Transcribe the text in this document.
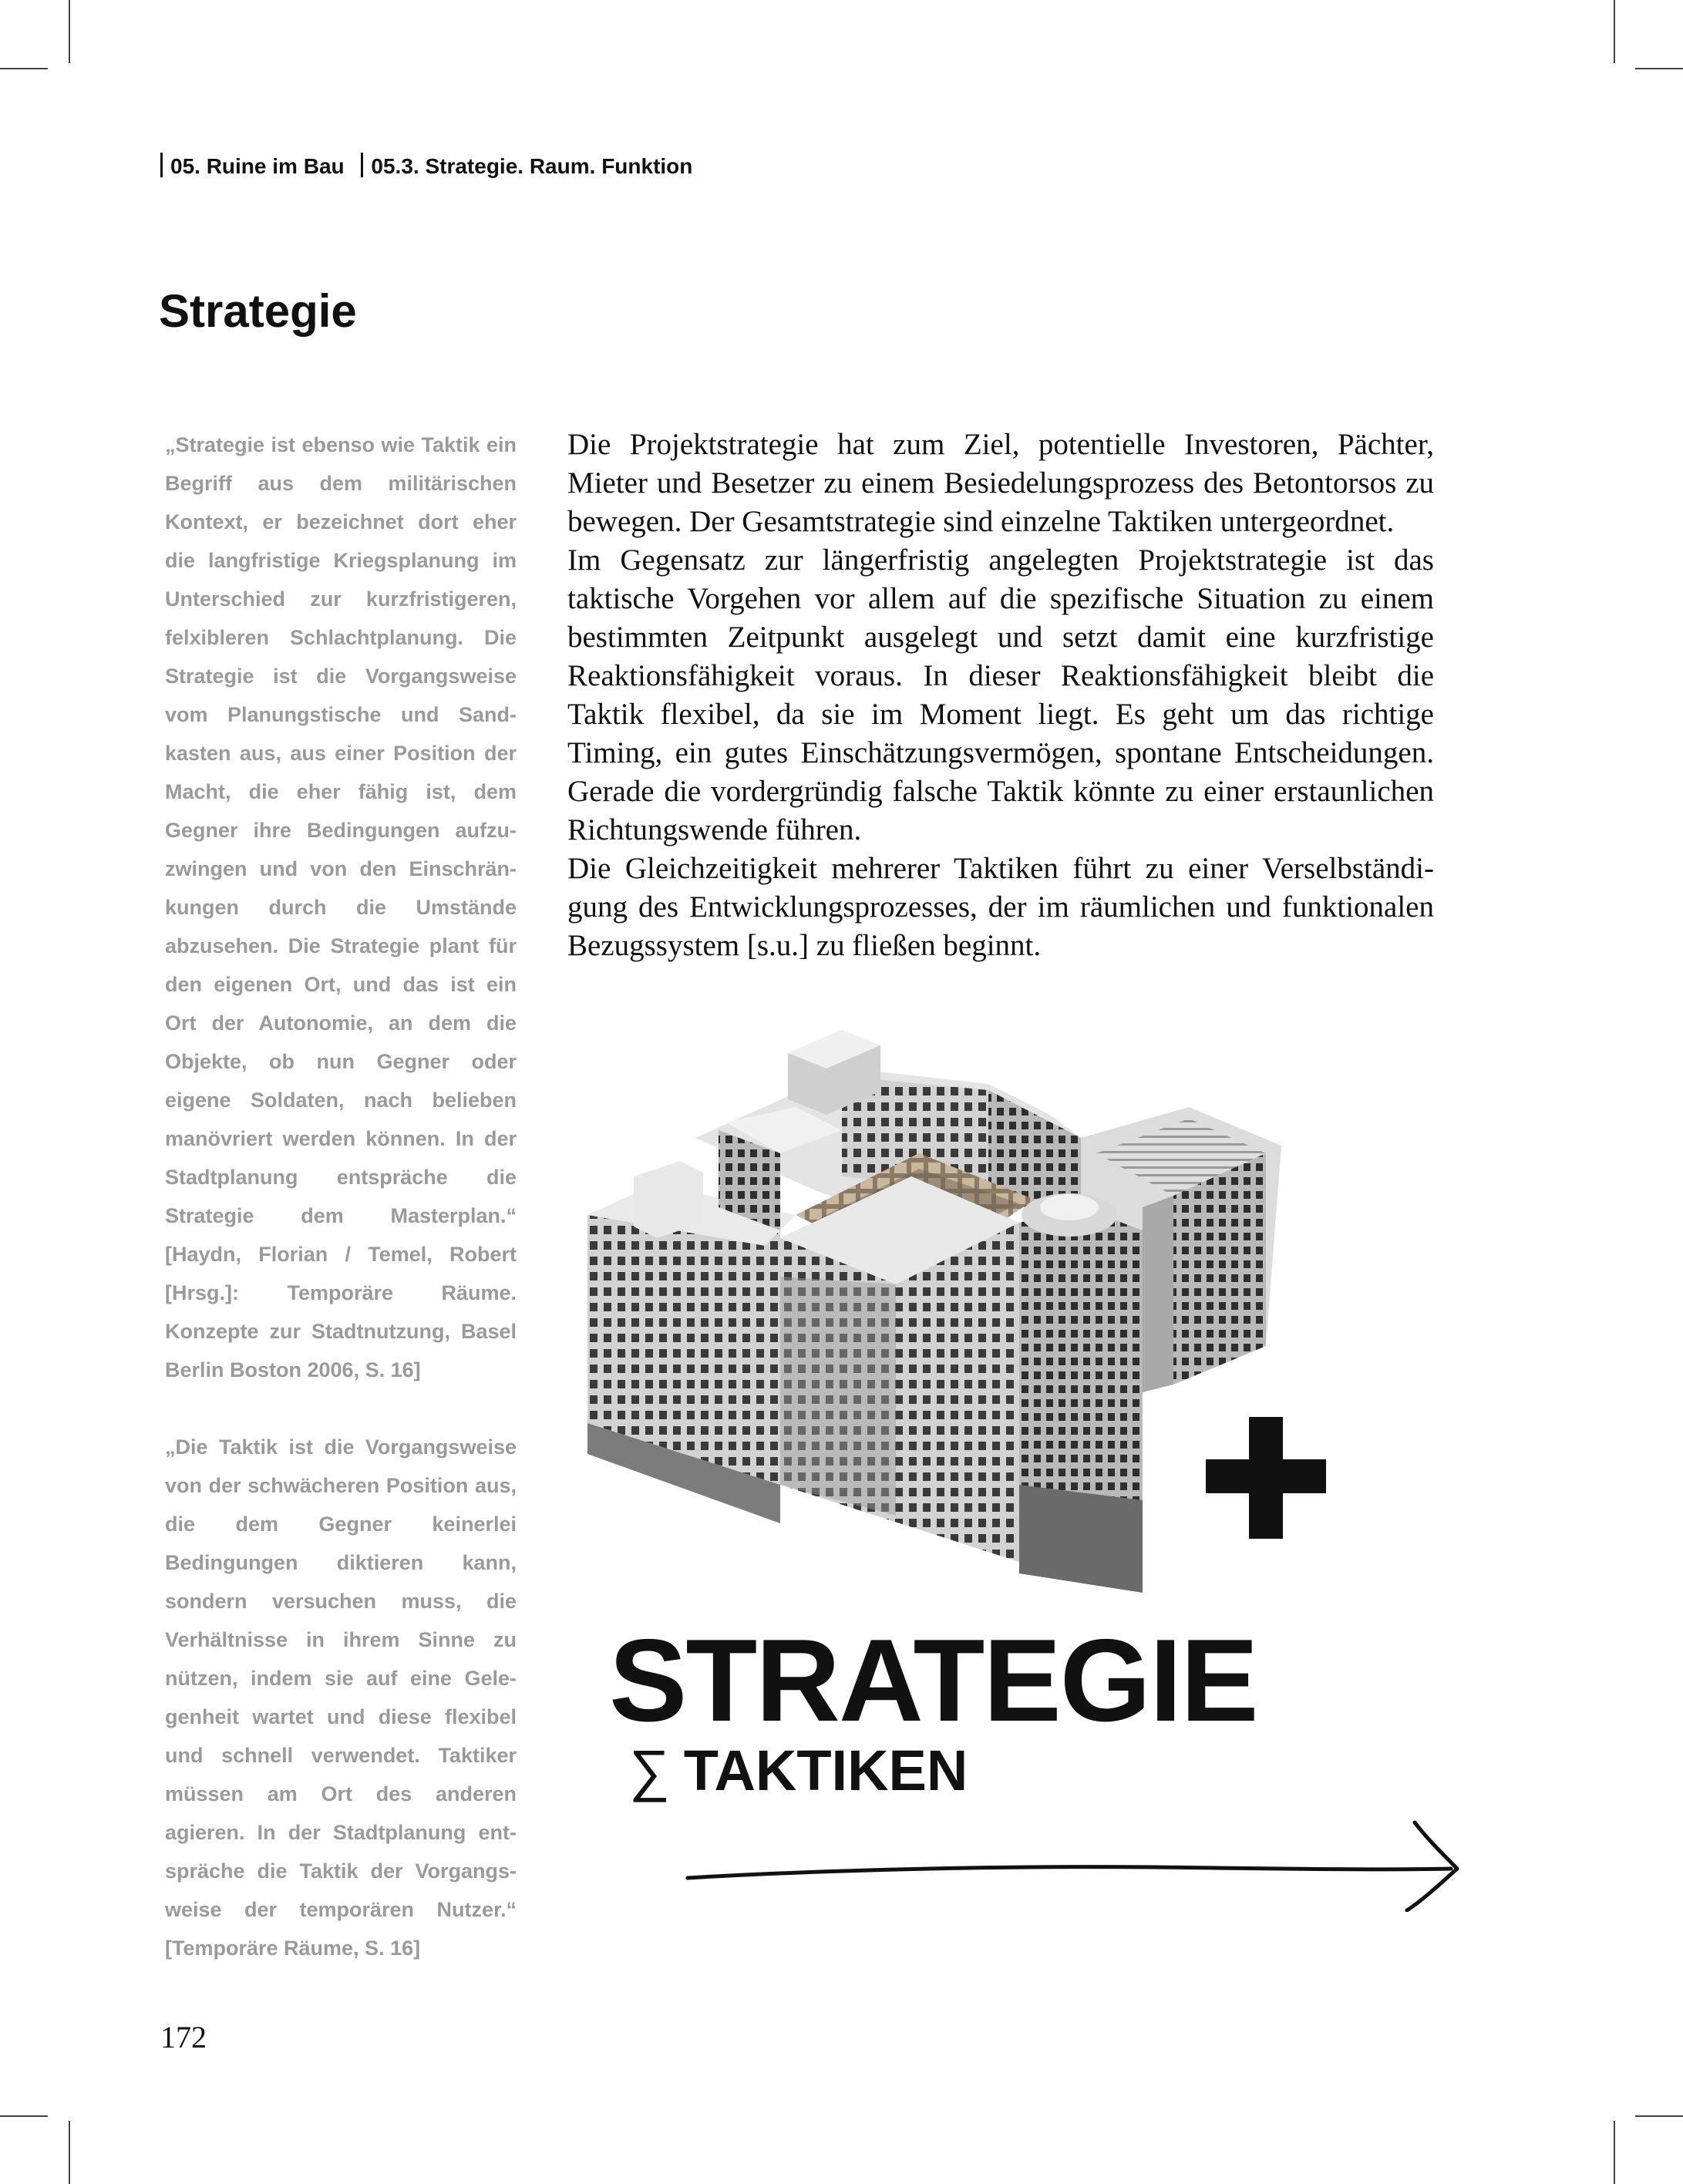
05. Ruine im Bau 05.3. Strategie. Raum. Funktion
Strategie

„Strategie ist ebenso wie Taktik ein Begriff aus dem militärischen Kontext, er bezeichnet dort eher die langfristige Kriegsplanung im Unterschied zur kurzfristigeren, felxibleren Schlachtplanung. Die Strategie ist die Vorgangsweise vom Planungstische und Sandkasten aus, aus einer Position der Macht, die eher fähig ist, dem Gegner ihre Bedingungen aufzuzwingen und von den Einschränkungen durch die Umstände abzusehen. Die Strategie plant für den eigenen Ort, und das ist ein Ort der Autonomie, an dem die Objekte, ob nun Gegner oder eigene Soldaten, nach belieben manövriert werden können. In der Stadtplanung entspräche die Strategie dem Masterplan.“ [Haydn, Florian / Temel, Robert [Hrsg.]: Temporäre Räume. Konzepte zur Stadtnutzung, Basel Berlin Boston 2006, S. 16]

„Die Taktik ist die Vorgangsweise von der schwächeren Position aus, die dem Gegner keinerlei Bedingungen diktieren kann, sondern versuchen muss, die Verhältnisse in ihrem Sinne zu nützen, indem sie auf eine Gelegenheit wartet und diese flexibel und schnell verwendet. Taktiker müssen am Ort des anderen agieren. In der Stadtplanung entspräche die Taktik der Vorgangsweise der temporären Nutzer.“ [Temporäre Räume, S. 16]

Die Projektstrategie hat zum Ziel, potentielle Investoren, Pächter, Mieter und Besetzer zu einem Besiedelungsprozess des Betontorsos zu bewegen. Der Gesamtstrategie sind einzelne Taktiken untergeordnet.

Im Gegensatz zur längerfristig angelegten Projektstrategie ist das taktische Vorgehen vor allem auf die spezifische Situation zu einem bestimmten Zeitpunkt ausgelegt und setzt damit eine kurzfristige Reaktionsfähigkeit voraus. In dieser Reaktionsfähigkeit bleibt die Taktik flexibel, da sie im Moment liegt. Es geht um das richtige Timing, ein gutes Einschätzungsvermögen, spontane Entscheidungen. Gerade die vordergründig falsche Taktik könnte zu einer erstaunlichen Richtungswende führen.

Die Gleichzeitigkeit mehrerer Taktiken führt zu einer Verselbständigung des Entwicklungsprozesses, der im räumlichen und funktionalen Bezugssystem [s.u.] zu fließen beginnt.

STRATEGIE
∑ TAKTIKEN
172
